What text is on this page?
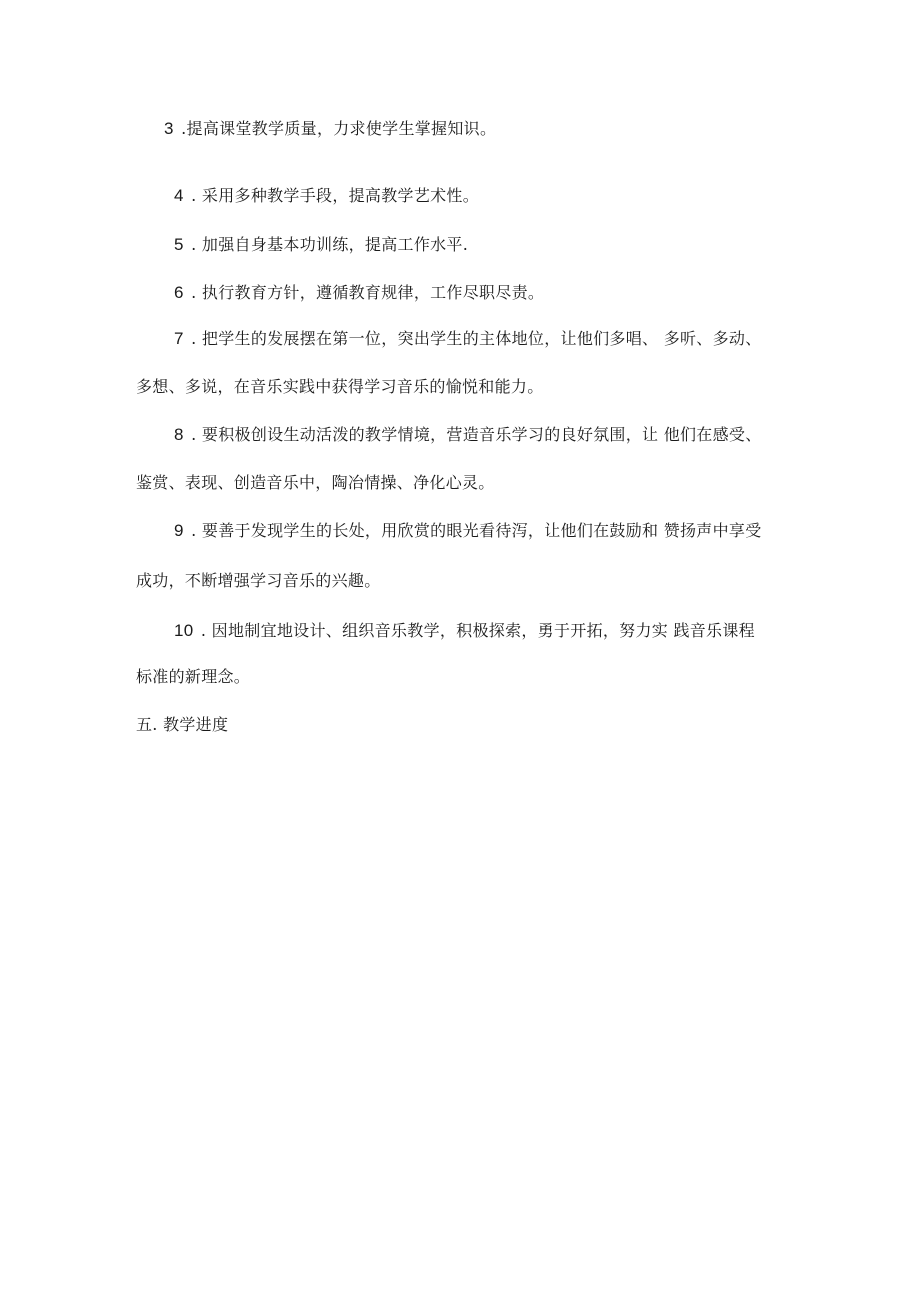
3 .提高课堂教学质量，力求使学生掌握知识。
4 . 采用多种教学手段，提高教学艺术性。
5 . 加强自身基本功训练，提高工作水平.
6 . 执行教育方针，遵循教育规律，工作尽职尽责。
7 . 把学生的发展摆在第一位，突出学生的主体地位，让他们多唱、 多听、多动、
多想、多说，在音乐实践中获得学习音乐的愉悦和能力。
8 . 要积极创设生动活泼的教学情境，营造音乐学习的良好氛围，让 他们在感受、
鉴赏、表现、创造音乐中，陶冶情操、净化心灵。
9 . 要善于发现学生的长处，用欣赏的眼光看待泻，让他们在鼓励和 赞扬声中享受
成功，不断增强学习音乐的兴趣。
10 . 因地制宜地设计、组织音乐教学，积极探索，勇于开拓，努力实 践音乐课程
标准的新理念。
五. 教学进度
